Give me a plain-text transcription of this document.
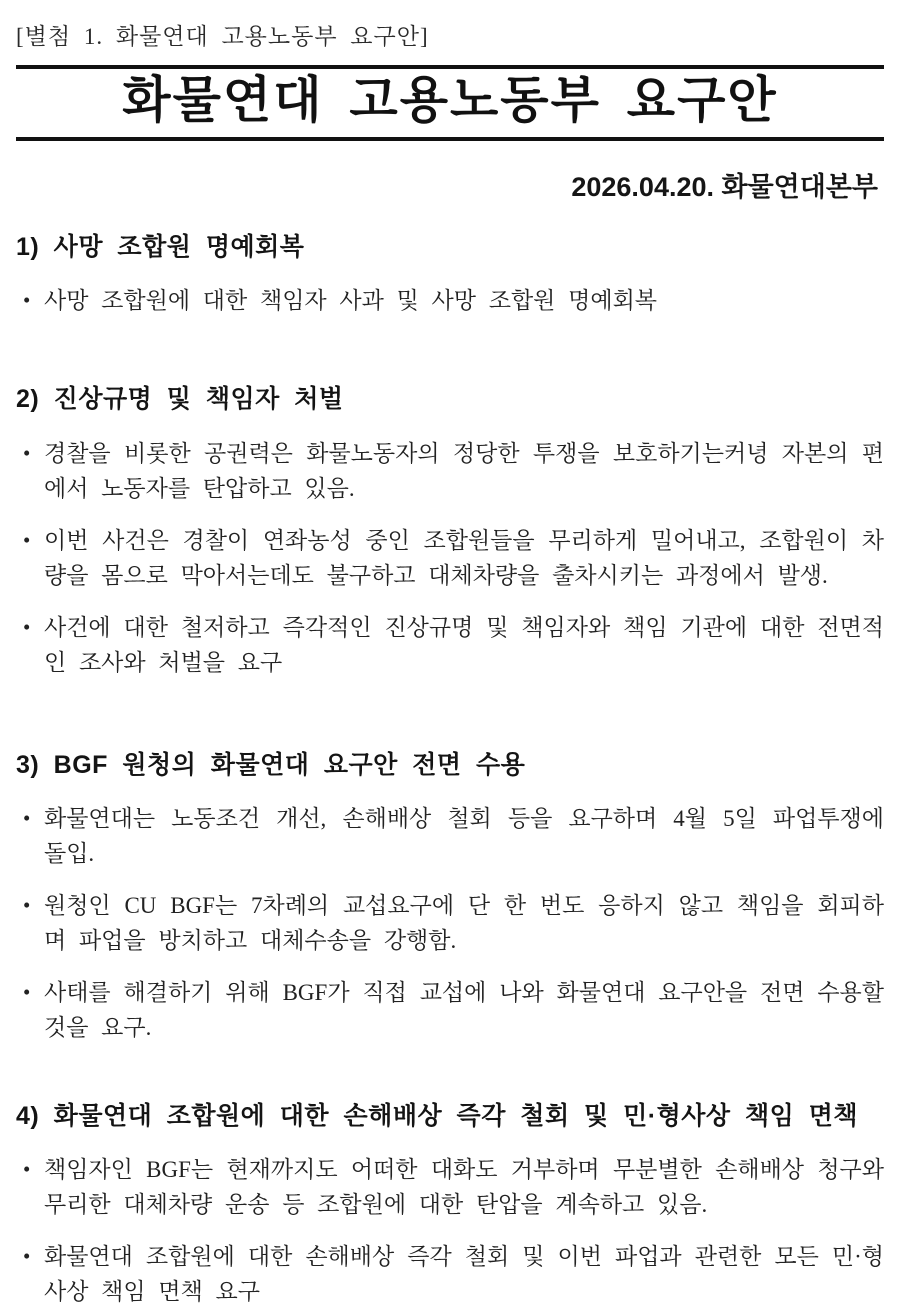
[별첨 1. 화물연대 고용노동부 요구안]
화물연대 고용노동부 요구안
2026.04.20. 화물연대본부
1) 사망 조합원 명예회복
• 사망 조합원에 대한 책임자 사과 및 사망 조합원 명예회복
2) 진상규명 및 책임자 처벌
• 경찰을 비롯한 공권력은 화물노동자의 정당한 투쟁을 보호하기는커녕 자본의 편에서 노동자를 탄압하고 있음.
• 이번 사건은 경찰이 연좌농성 중인 조합원들을 무리하게 밀어내고, 조합원이 차량을 몸으로 막아서는데도 불구하고 대체차량을 출차시키는 과정에서 발생.
• 사건에 대한 철저하고 즉각적인 진상규명 및 책임자와 책임 기관에 대한 전면적인 조사와 처벌을 요구
3) BGF 원청의 화물연대 요구안 전면 수용
• 화물연대는 노동조건 개선, 손해배상 철회 등을 요구하며 4월 5일 파업투쟁에 돌입.
• 원청인 CU BGF는 7차례의 교섭요구에 단 한 번도 응하지 않고 책임을 회피하며 파업을 방치하고 대체수송을 강행함.
• 사태를 해결하기 위해 BGF가 직접 교섭에 나와 화물연대 요구안을 전면 수용할 것을 요구.
4) 화물연대 조합원에 대한 손해배상 즉각 철회 및 민·형사상 책임 면책
• 책임자인 BGF는 현재까지도 어떠한 대화도 거부하며 무분별한 손해배상 청구와 무리한 대체차량 운송 등 조합원에 대한 탄압을 계속하고 있음.
• 화물연대 조합원에 대한 손해배상 즉각 철회 및 이번 파업과 관련한 모든 민·형사상 책임 면책 요구
